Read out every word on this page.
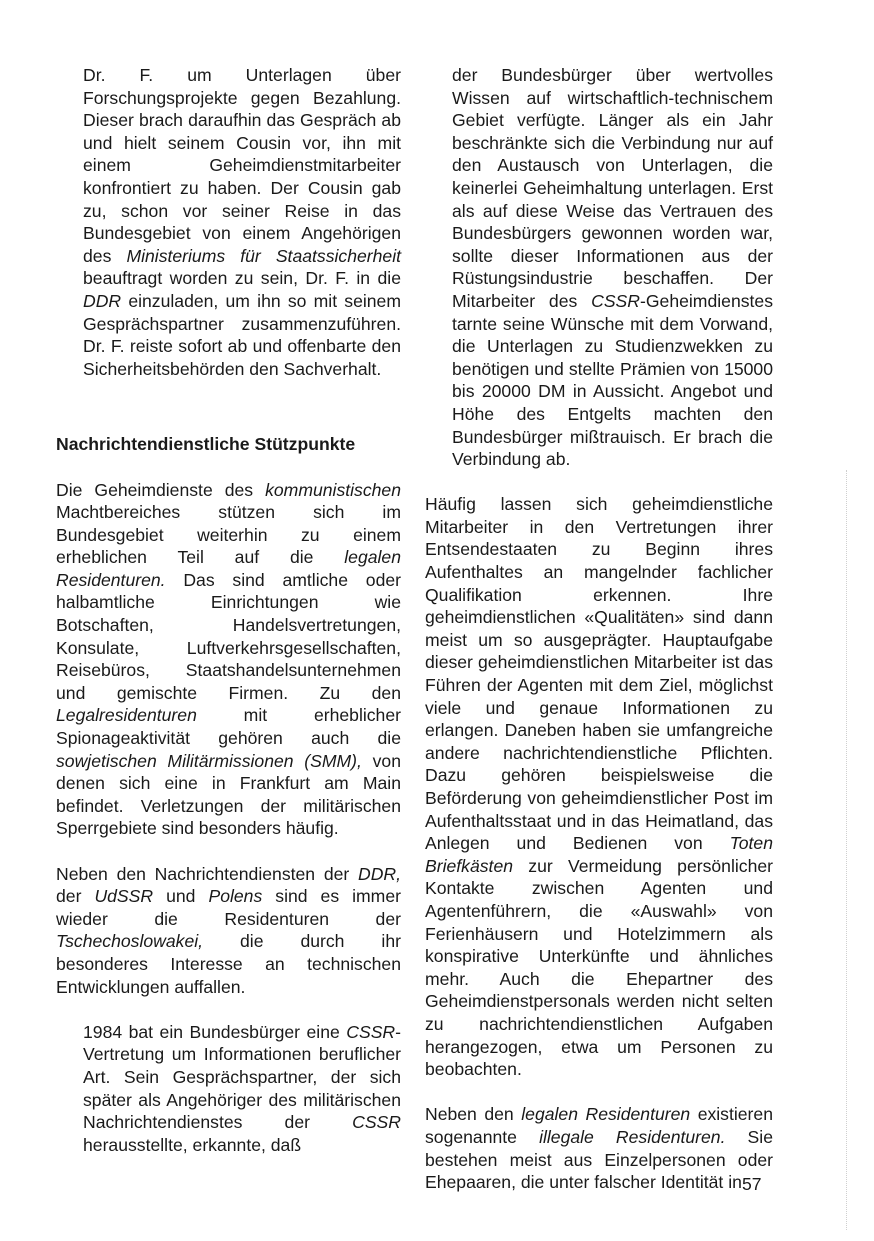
Dr. F. um Unterlagen über Forschungsprojekte gegen Bezahlung. Dieser brach daraufhin das Gespräch ab und hielt seinem Cousin vor, ihn mit einem Geheimdienstmitarbeiter konfrontiert zu haben. Der Cousin gab zu, schon vor seiner Reise in das Bundesgebiet von einem Angehörigen des Ministeriums für Staatssicherheit beauftragt worden zu sein, Dr. F. in die DDR einzuladen, um ihn so mit seinem Gesprächspartner zusammenzuführen. Dr. F. reiste sofort ab und offenbarte den Sicherheitsbehörden den Sachverhalt.

Nachrichtendienstliche Stützpunkte

Die Geheimdienste des kommunistischen Machtbereiches stützen sich im Bundesgebiet weiterhin zu einem erheblichen Teil auf die legalen Residenturen. Das sind amtliche oder halbamtliche Einrichtungen wie Botschaften, Handelsvertretungen, Konsulate, Luftverkehrsgesellschaften, Reisebüros, Staatshandelsunternehmen und gemischte Firmen. Zu den Legalresidenturen mit erheblicher Spionageaktivität gehören auch die sowjetischen Militärmissionen (SMM), von denen sich eine in Frankfurt am Main befindet. Verletzungen der militärischen Sperrgebiete sind besonders häufig.

Neben den Nachrichtendiensten der DDR, der UdSSR und Polens sind es immer wieder die Residenturen der Tschechoslowakei, die durch ihr besonderes Interesse an technischen Entwicklungen auffallen.

1984 bat ein Bundesbürger eine CSSR-Vertretung um Informationen beruflicher Art. Sein Gesprächspartner, der sich später als Angehöriger des militärischen Nachrichtendienstes der CSSR herausstellte, erkannte, daß

der Bundesbürger über wertvolles Wissen auf wirtschaftlich-technischem Gebiet verfügte. Länger als ein Jahr beschränkte sich die Verbindung nur auf den Austausch von Unterlagen, die keinerlei Geheimhaltung unterlagen. Erst als auf diese Weise das Vertrauen des Bundesbürgers gewonnen worden war, sollte dieser Informationen aus der Rüstungsindustrie beschaffen. Der Mitarbeiter des CSSR-Geheimdienstes tarnte seine Wünsche mit dem Vorwand, die Unterlagen zu Studienzwekken zu benötigen und stellte Prämien von 15000 bis 20000 DM in Aussicht. Angebot und Höhe des Entgelts machten den Bundesbürger mißtrauisch. Er brach die Verbindung ab.

Häufig lassen sich geheimdienstliche Mitarbeiter in den Vertretungen ihrer Entsendestaaten zu Beginn ihres Aufenthaltes an mangelnder fachlicher Qualifikation erkennen. Ihre geheimdienstlichen «Qualitäten» sind dann meist um so ausgeprägter. Hauptaufgabe dieser geheimdienstlichen Mitarbeiter ist das Führen der Agenten mit dem Ziel, möglichst viele und genaue Informationen zu erlangen. Daneben haben sie umfangreiche andere nachrichtendienstliche Pflichten. Dazu gehören beispielsweise die Beförderung von geheimdienstlicher Post im Aufenthaltsstaat und in das Heimatland, das Anlegen und Bedienen von Toten Briefkästen zur Vermeidung persönlicher Kontakte zwischen Agenten und Agentenführern, die «Auswahl» von Ferienhäusern und Hotelzimmern als konspirative Unterkünfte und ähnliches mehr. Auch die Ehepartner des Geheimdienstpersonals werden nicht selten zu nachrichtendienstlichen Aufgaben herangezogen, etwa um Personen zu beobachten.

Neben den legalen Residenturen existieren sogenannte illegale Residenturen. Sie bestehen meist aus Einzelpersonen oder Ehepaaren, die unter falscher Identität in 57
